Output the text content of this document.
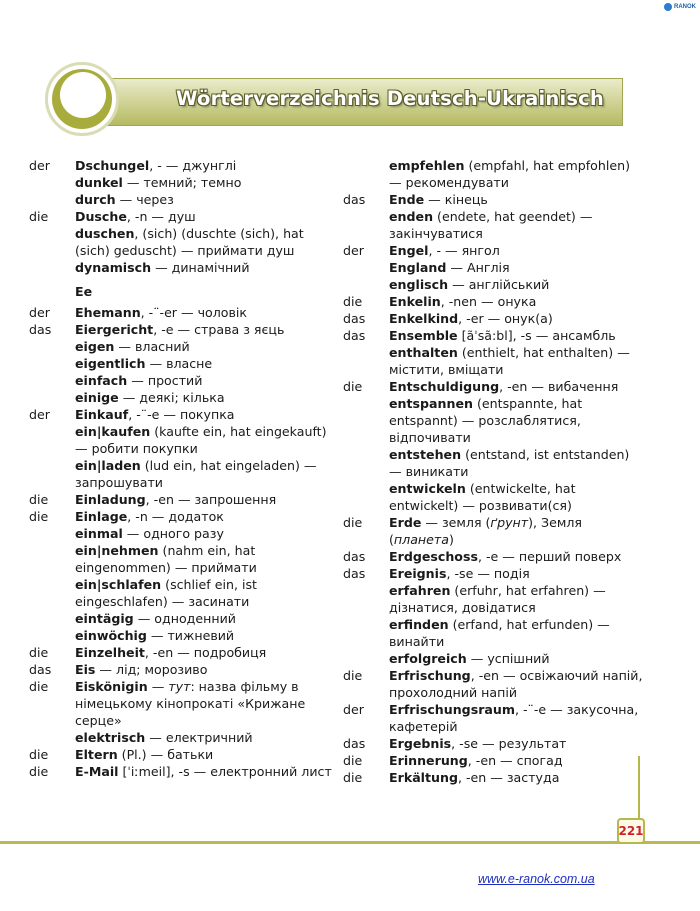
RANOK
Wörterverzeichnis Deutsch-Ukrainisch
der	Dschungel, - — джунглі
dunkel — темний; темно
durch — через
die	Dusche, -n — душ
duschen, (sich) (duschte (sich), hat (sich) geduscht) — приймати душ
dynamisch — динамічний
Ee
der	Ehemann, -¨-er — чоловік
das	Eiergericht, -e — страва з яєць
eigen — власний
eigentlich — власне
einfach — простий
einige — деякі; кілька
der	Einkauf, -¨-e — покупка
ein|kaufen (kaufte ein, hat eingekauft) — робити покупки
ein|laden (lud ein, hat eingeladen) — запрошувати
die	Einladung, -en — запрошення
die	Einlage, -n — додаток
einmal — одного разу
ein|nehmen (nahm ein, hat eingenommen) — приймати
ein|schlafen (schlief ein, ist eingeschlafen) — засинати
eintägig — одноденний
einwöchig — тижневий
die	Einzelheit, -en — подробиця
das	Eis — лід; морозиво
die	Eiskönigin — тут: назва фільму в німецькому кінопрокаті «Крижане серце»
elektrisch — електричний
die	Eltern (Pl.) — батьки
die	E-Mail [ˈiːmeil], -s — електронний лист
empfehlen (empfahl, hat empfohlen) — рекомендувати
das	Ende — кінець
enden (endete, hat geendet) — закінчуватися
der	Engel, - — янгол
England — Англія
englisch — англійський
die	Enkelin, -nen — онука
das	Enkelkind, -er — онук(а)
das	Ensemble [ãˈsã:bl], -s — ансамбль
enthalten (enthielt, hat enthalten) — містити, вміщати
die	Entschuldigung, -en — вибачення
entspannen (entspannte, hat entspannt) — розслаблятися, відпочивати
entstehen (entstand, ist entstanden) — виникати
entwickeln (entwickelte, hat entwickelt) — розвивати(ся)
die	Erde — земля (ґрунт), Земля (планета)
das	Erdgeschoss, -e — перший поверх
das	Ereignis, -se — подія
erfahren (erfuhr, hat erfahren) — дізнатися, довідатися
erfinden (erfand, hat erfunden) — винайти
erfolgreich — успішний
die	Erfrischung, -en — освіжаючий напій, прохолодний напій
der	Erfrischungsraum, -¨-e — закусочна, кафетерій
das	Ergebnis, -se — результат
die	Erinnerung, -en — спогад
die	Erkältung, -en — застуда
221
www.e-ranok.com.ua
